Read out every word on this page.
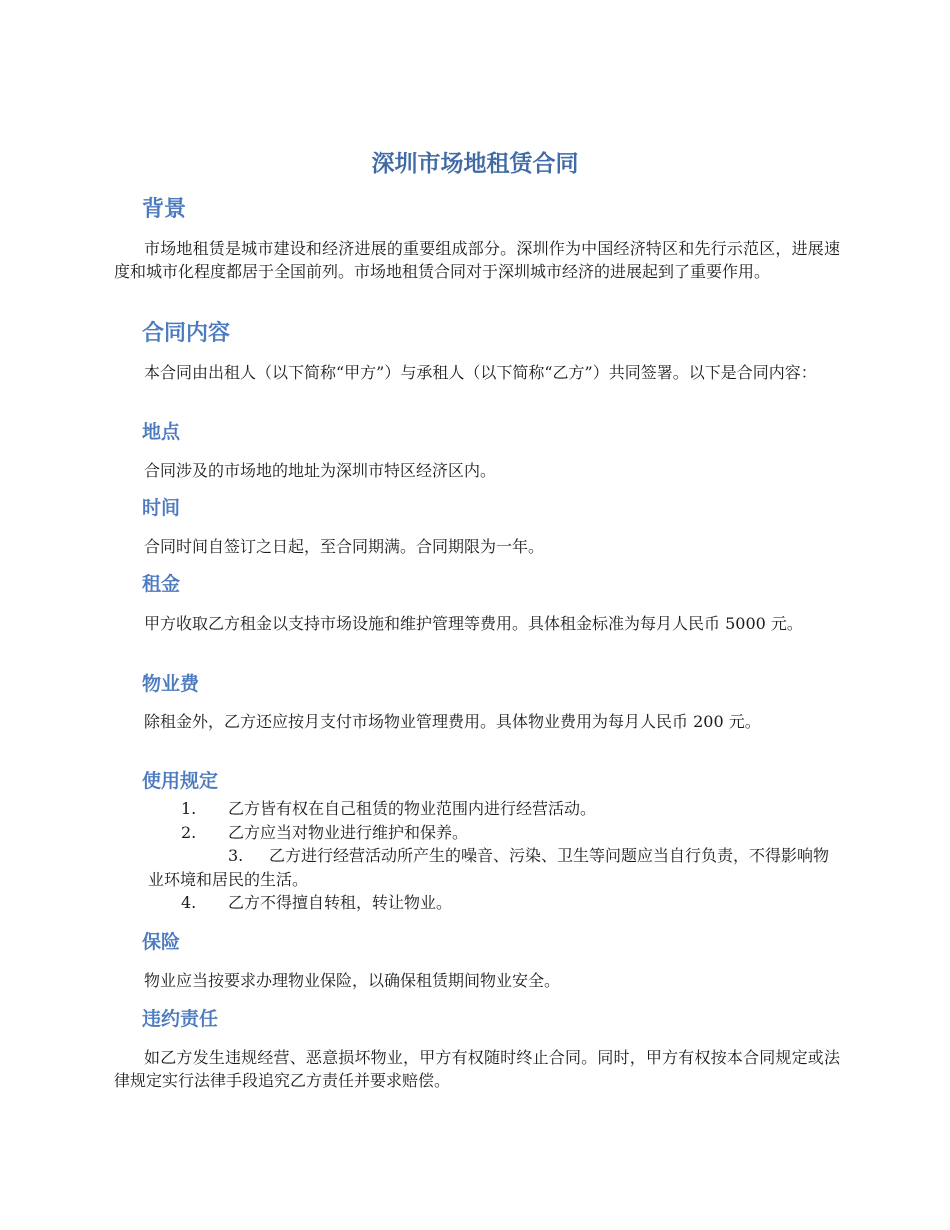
深圳市场地租赁合同
背景

市场地租赁是城市建设和经济进展的重要组成部分。深圳作为中国经济特区和先行示范区，进展速度和城市化程度都居于全国前列。市场地租赁合同对于深圳城市经济的进展起到了重要作用。

合同内容

本合同由出租人（以下简称“甲方”）与承租人（以下简称“乙方”）共同签署。以下是合同内容：

地点

合同涉及的市场地的地址为深圳市特区经济区内。

时间

合同时间自签订之日起，至合同期满。合同期限为一年。

租金

甲方收取乙方租金以支持市场设施和维护管理等费用。具体租金标准为每月人民币 5000 元。

物业费

除租金外，乙方还应按月支付市场物业管理费用。具体物业费用为每月人民币 200 元。

使用规定
1. 乙方皆有权在自己租赁的物业范围内进行经营活动。
2. 乙方应当对物业进行维护和保养。
3. 乙方进行经营活动所产生的噪音、污染、卫生等问题应当自行负责，不得影响物业环境和居民的生活。
4. 乙方不得擅自转租，转让物业。
保险

物业应当按要求办理物业保险，以确保租赁期间物业安全。

违约责任

如乙方发生违规经营、恶意损坏物业，甲方有权随时终止合同。同时，甲方有权按本合同规定或法律规定实行法律手段追究乙方责任并要求赔偿。
